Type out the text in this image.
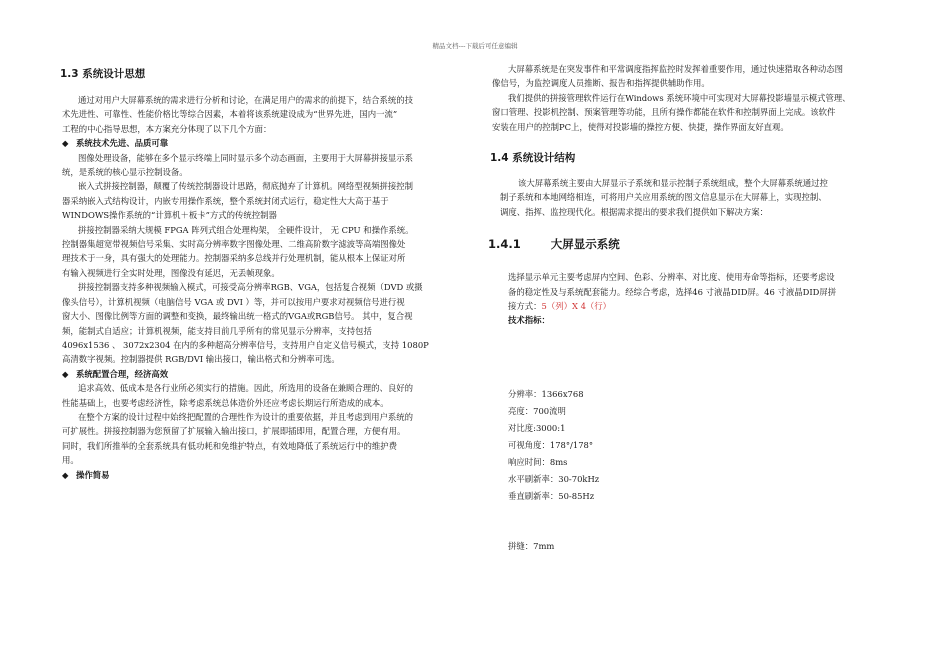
精品文档---下载后可任意编辑
1.3 系统设计思想

通过对用户大屏幕系统的需求进行分析和讨论，在满足用户的需求的前提下，结合系统的技

术先进性、可靠性、性能价格比等综合因素，本着将该系统建设成为“世界先进，国内一流”

工程的中心指导思想，本方案充分体现了以下几个方面：

◆ 系统技术先进、品质可靠

图像处理设备，能够在多个显示终端上同时显示多个动态画面，主要用于大屏幕拼接显示系

统，是系统的核心显示控制设备。

嵌入式拼接控制器，颠覆了传统控制器设计思路，彻底抛弃了计算机。网络型视频拼接控制

器采纳嵌入式结构设计，内嵌专用操作系统，整个系统封闭式运行，稳定性大大高于基于

WINDOWS操作系统的“计算机＋板卡”方式的传统控制器

拼接控制器采纳大规模 FPGA 阵列式组合处理构架， 全硬件设计， 无 CPU 和操作系统。

控制器集超宽带视频信号采集、实时高分辨率数字图像处理、二维高阶数字滤波等高端图像处

理技术于一身，具有强大的处理能力。控制器采纳多总线并行处理机制，能从根本上保证对所

有输入视频进行全实时处理，图像没有延迟，无丢帧现象。

拼接控制器支持多种视频输入模式，可接受高分辨率RGB、VGA，包括复合视频（DVD 或摄

像头信号），计算机视频（电脑信号 VGA 或 DVI ）等，并可以按用户要求对视频信号进行视

窗大小、图像比例等方面的调整和变换，最终输出统一格式的VGA或RGB信号。 其中，复合视

频，能制式自适应；计算机视频，能支持目前几乎所有的常见显示分辨率，支持包括

4096x1536 、 3072x2304 在内的多种超高分辨率信号，支持用户自定义信号模式，支持 1080P

高清数字视频。控制器提供 RGB/DVI 输出接口，输出格式和分辨率可选。

◆ 系统配置合理，经济高效

追求高效、低成本是各行业所必须实行的措施。因此，所选用的设备在兼顾合理的、良好的

性能基础上，也要考虑经济性，除考虑系统总体造价外还应考虑长期运行所造成的成本。

在整个方案的设计过程中始终把配置的合理性作为设计的重要依据，并且考虑到用户系统的

可扩展性。拼接控制器为您预留了扩展输入输出接口，扩展即插即用，配置合理，方便有用。

同时，我们所推举的全套系统具有低功耗和免维护特点，有效地降低了系统运行中的维护费

用。

◆ 操作简易

大屏幕系统是在突发事件和平常调度指挥监控时发挥着重要作用，通过快速猎取各种动态图

像信号，为监控调度人员推断、报告和指挥提供辅助作用。

我们提供的拼接管理软件运行在Windows 系统环境中可实现对大屏幕投影墙显示模式管理、

窗口管理、投影机控制、预案管理等功能，且所有操作都能在软件和控制界面上完成。该软件

安装在用户的控制PC上，使得对投影墙的操控方便、快捷，操作界面友好直观。

1.4 系统设计结构

该大屏幕系统主要由大屏显示子系统和显示控制子系统组成，整个大屏幕系统通过控

制子系统和本地网络相连，可将用户关应用系统的图文信息显示在大屏幕上，实现控制、

调度、指挥、监控现代化。根据需求提出的要求我们提供如下解决方案：

1.4.1	大屏显示系统

选择显示单元主要考虑屏内空间、色彩、分辨率、对比度、使用寿命等指标，还要考虑设

备的稳定性及与系统配套能力。经综合考虑，选择46 寸液晶DID屏。46 寸液晶DID屏拼

接方式：5（列）X 4（行）

技术指标：

分辨率：1366x768

亮度：700流明

对比度:3000:1

可视角度：178°/178°

响应时间：8ms

水平刷新率：30-70kHz

垂直刷新率：50-85Hz

拼缝：7mm
